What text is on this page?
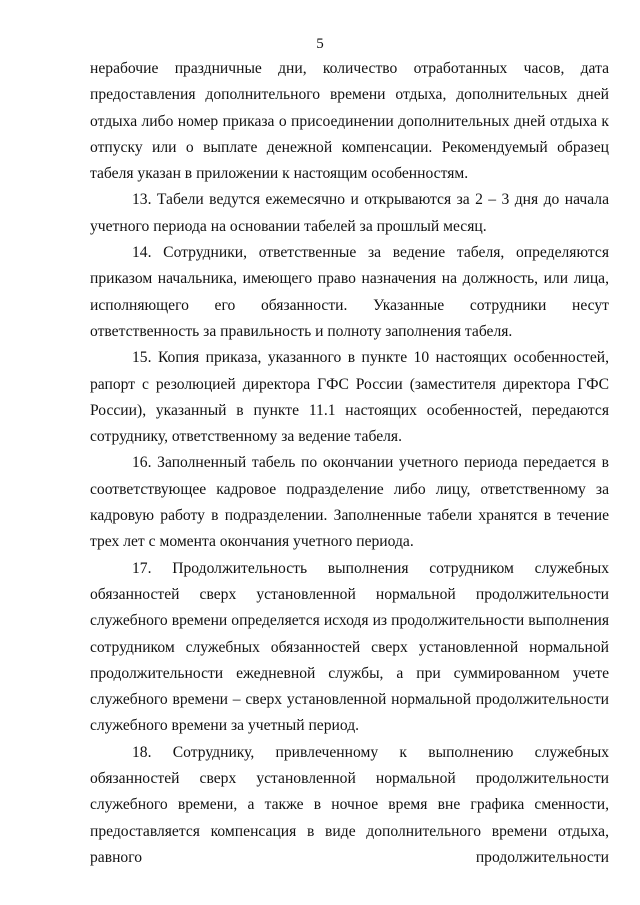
5

нерабочие праздничные дни, количество отработанных часов, дата предоставления дополнительного времени отдыха, дополнительных дней отдыха либо номер приказа о присоединении дополнительных дней отдыха к отпуску или о выплате денежной компенсации. Рекомендуемый образец табеля указан в приложении к настоящим особенностям.

13. Табели ведутся ежемесячно и открываются за 2 – 3 дня до начала учетного периода на основании табелей за прошлый месяц.

14. Сотрудники, ответственные за ведение табеля, определяются приказом начальника, имеющего право назначения на должность, или лица, исполняющего его обязанности. Указанные сотрудники несут ответственность за правильность и полноту заполнения табеля.

15. Копия приказа, указанного в пункте 10 настоящих особенностей, рапорт с резолюцией директора ГФС России (заместителя директора ГФС России), указанный в пункте 11.1 настоящих особенностей, передаются сотруднику, ответственному за ведение табеля.

16. Заполненный табель по окончании учетного периода передается в соответствующее кадровое подразделение либо лицу, ответственному за кадровую работу в подразделении. Заполненные табели хранятся в течение трех лет с момента окончания учетного периода.

17. Продолжительность выполнения сотрудником служебных обязанностей сверх установленной нормальной продолжительности служебного времени определяется исходя из продолжительности выполнения сотрудником служебных обязанностей сверх установленной нормальной продолжительности ежедневной службы, а при суммированном учете служебного времени – сверх установленной нормальной продолжительности служебного времени за учетный период.

18. Сотруднику, привлеченному к выполнению служебных обязанностей сверх установленной нормальной продолжительности служебного времени, а также в ночное время вне графика сменности, предоставляется компенсация в виде дополнительного времени отдыха, равного продолжительности
